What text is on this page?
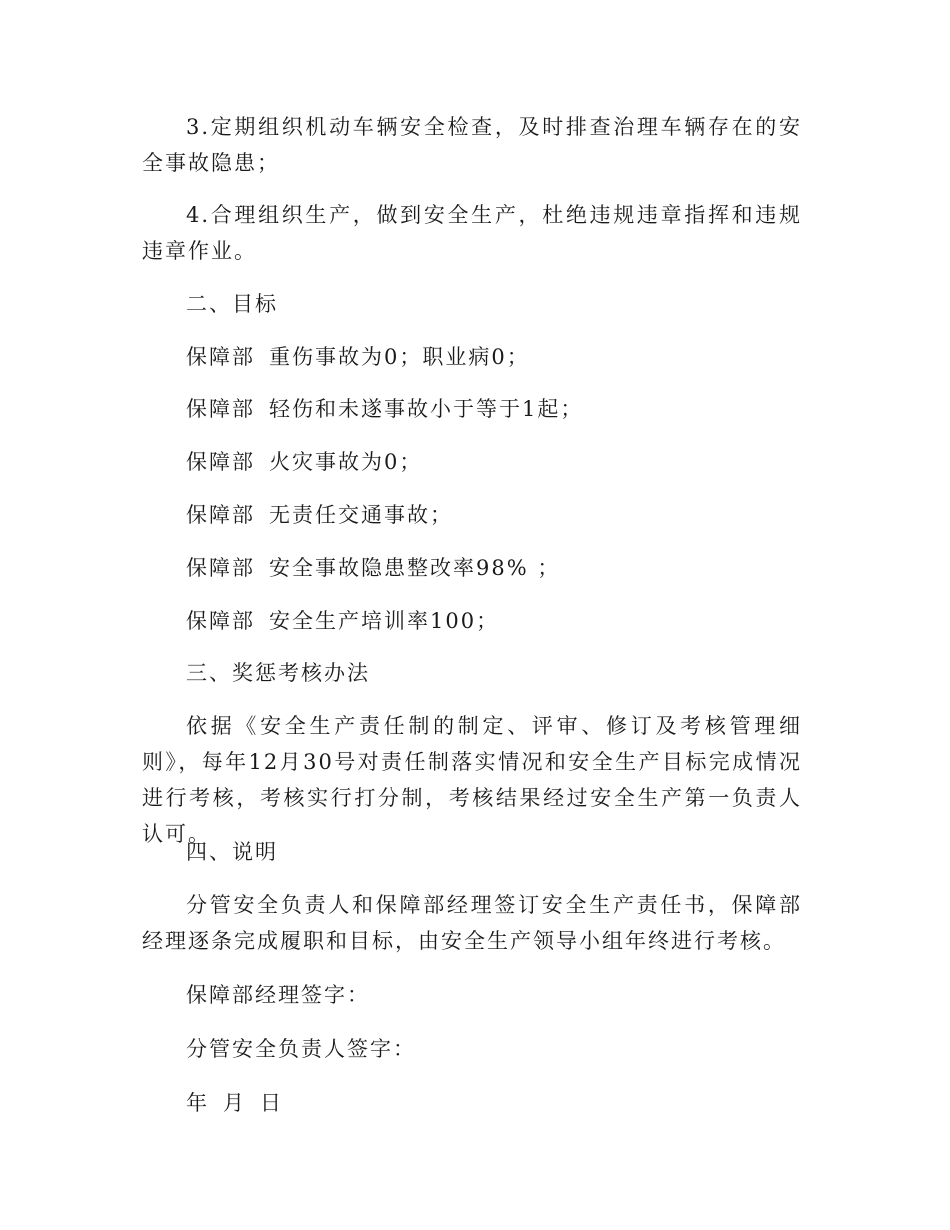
3.定期组织机动车辆安全检查，及时排查治理车辆存在的安全事故隐患；

4.合理组织生产，做到安全生产，杜绝违规违章指挥和违规违章作业。

二、目标

保障部 重伤事故为0；职业病0；

保障部 轻伤和未遂事故小于等于1起；

保障部 火灾事故为0；

保障部 无责任交通事故；

保障部 安全事故隐患整改率98% ；

保障部 安全生产培训率100；

三、奖惩考核办法

依据《安全生产责任制的制定、评审、修订及考核管理细则》，每年12月30号对责任制落实情况和安全生产目标完成情况进行考核，考核实行打分制，考核结果经过安全生产第一负责人认可。

四、说明

分管安全负责人和保障部经理签订安全生产责任书，保障部经理逐条完成履职和目标，由安全生产领导小组年终进行考核。

保障部经理签字：

分管安全负责人签字：

年 月 日
